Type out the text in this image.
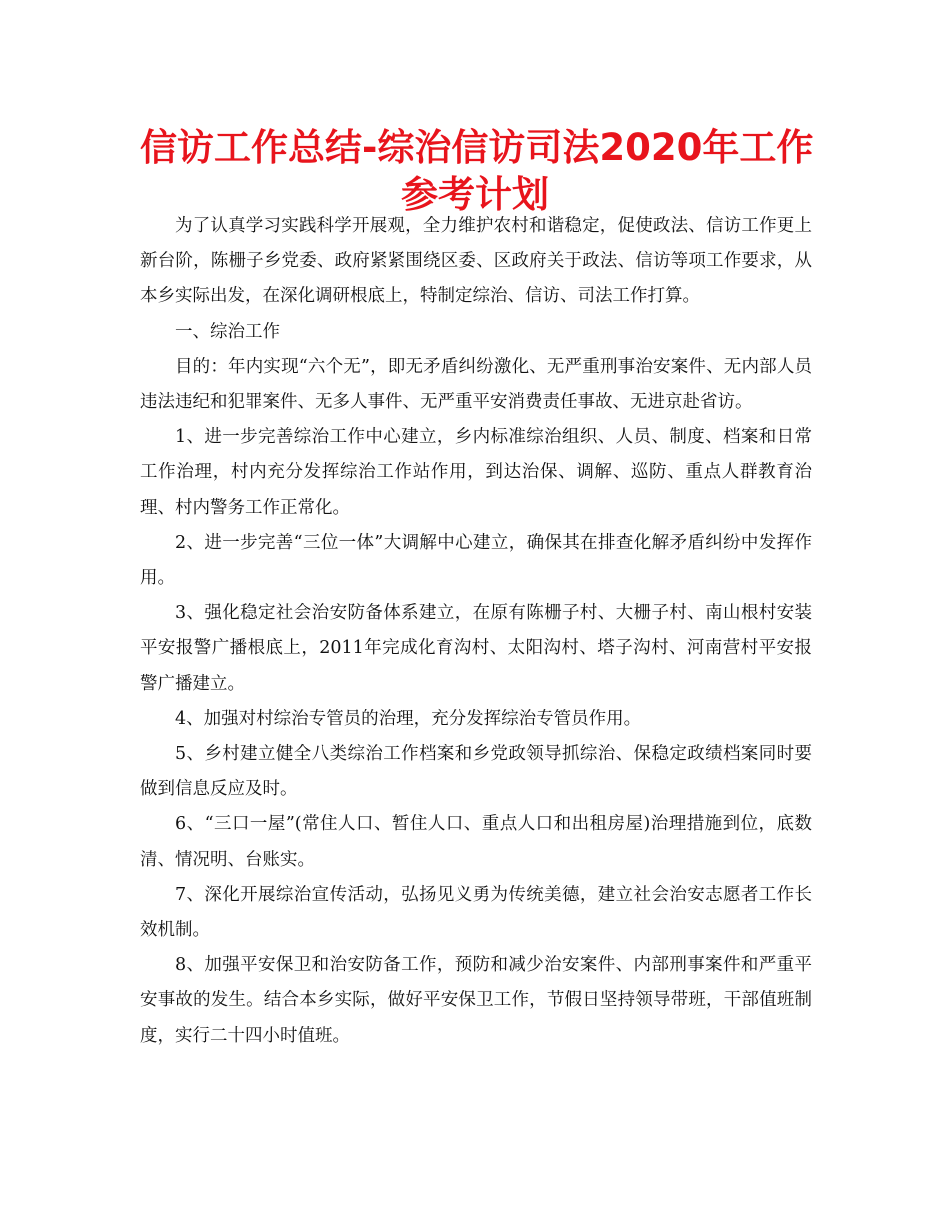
信访工作总结-综治信访司法2020年工作
参考计划

为了认真学习实践科学开展观，全力维护农村和谐稳定，促使政法、信访工作更上新台阶，陈栅子乡党委、政府紧紧围绕区委、区政府关于政法、信访等项工作要求，从本乡实际出发，在深化调研根底上，特制定综治、信访、司法工作打算。

一、综治工作

目的：年内实现“六个无”，即无矛盾纠纷激化、无严重刑事治安案件、无内部人员违法违纪和犯罪案件、无多人事件、无严重平安消费责任事故、无进京赴省访。

1、进一步完善综治工作中心建立，乡内标准综治组织、人员、制度、档案和日常工作治理，村内充分发挥综治工作站作用，到达治保、调解、巡防、重点人群教育治理、村内警务工作正常化。

2、进一步完善“三位一体”大调解中心建立，确保其在排查化解矛盾纠纷中发挥作用。

3、强化稳定社会治安防备体系建立，在原有陈栅子村、大栅子村、南山根村安装平安报警广播根底上，2011年完成化育沟村、太阳沟村、塔子沟村、河南营村平安报警广播建立。

4、加强对村综治专管员的治理，充分发挥综治专管员作用。

5、乡村建立健全八类综治工作档案和乡党政领导抓综治、保稳定政绩档案同时要做到信息反应及时。

6、“三口一屋”(常住人口、暂住人口、重点人口和出租房屋)治理措施到位，底数清、情况明、台账实。

7、深化开展综治宣传活动，弘扬见义勇为传统美德，建立社会治安志愿者工作长效机制。

8、加强平安保卫和治安防备工作，预防和减少治安案件、内部刑事案件和严重平安事故的发生。结合本乡实际，做好平安保卫工作，节假日坚持领导带班，干部值班制度，实行二十四小时值班。
